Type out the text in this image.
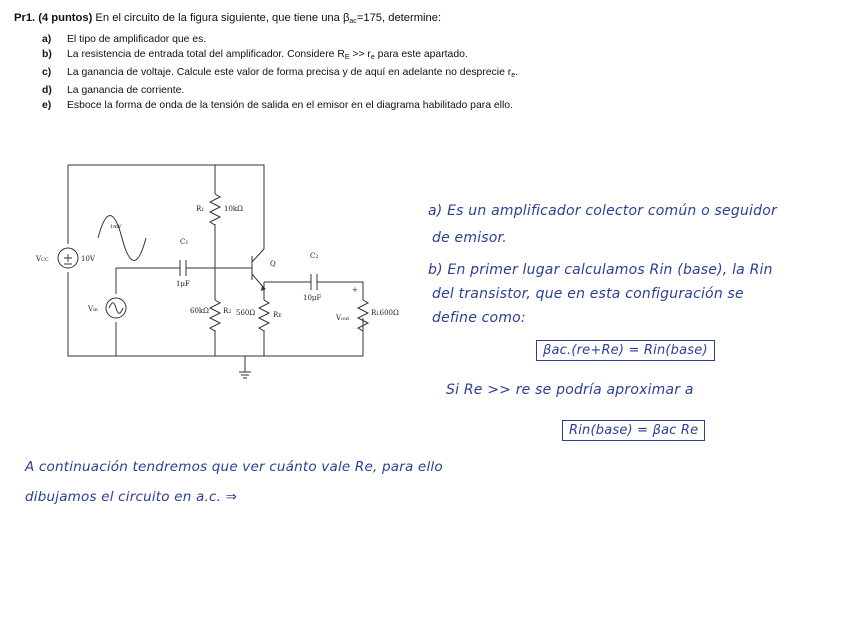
Pr1. (4 puntos) En el circuito de la figura siguiente, que tiene una $\beta_{ac}=175$, determine:
a) El tipo de amplificador que es.
b) La resistencia de entrada total del amplificador. Considere $R_E >> r_e$ para este apartado.
c) La ganancia de voltaje. Calcule este valor de forma precisa y de aquí en adelante no desprecie $r_e$.
d) La ganancia de corriente.
e) Esboce la forma de onda de la tensión de salida en el emisor en el diagrama habilitado para ello.
VCC	10V
R1	10kΩ
60kΩ R2 560Ω	RE	RL600Ω
C1
1μF
C2
10μF
Q
1mV
Vin
Vout
+
a) Es un amplificador colector común o seguidor
de emisor.
b) En primer lugar calculamos Rin (base), la Rin
del transistor, que en esta configuración se
define como:
βac.(re+Re) = Rin(base)
Si Re >> re se podría aproximar a
Rin(base) = βac Re
A continuación tendremos que ver cuánto vale Re, para ello
dibujamos el circuito en a.c. ⇒
